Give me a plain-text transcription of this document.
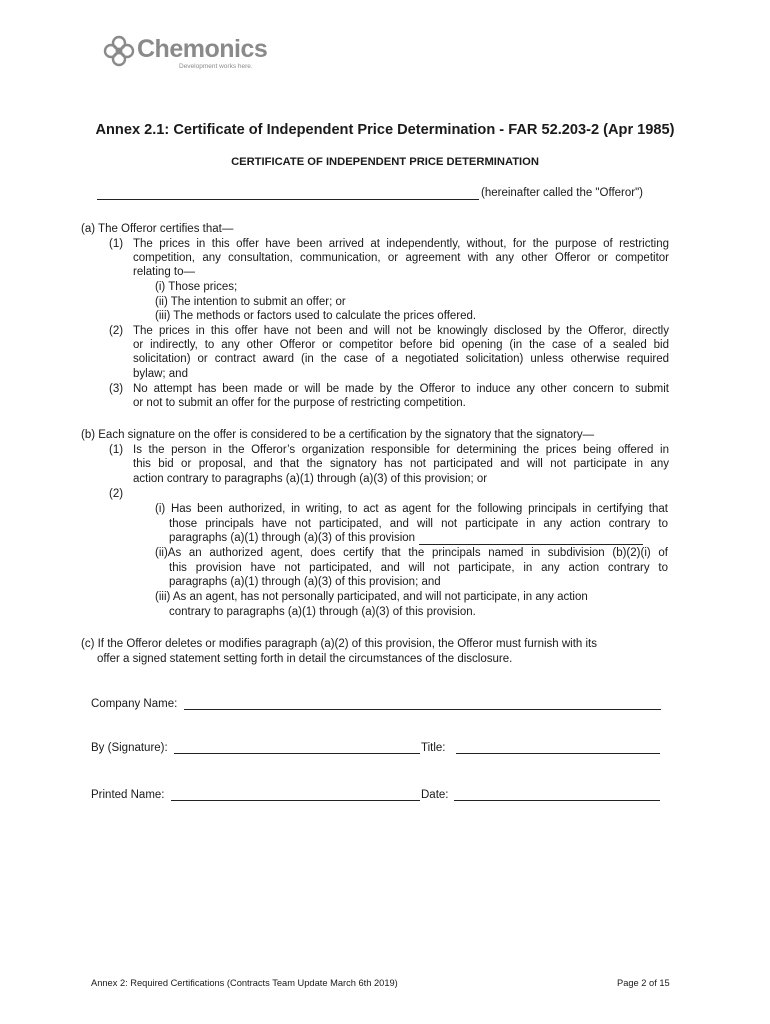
Chemonics
Development works here.
Annex 2.1: Certificate of Independent Price Determination - FAR 52.203-2 (Apr 1985)
CERTIFICATE OF INDEPENDENT PRICE DETERMINATION
(hereinafter called the "Offeror")
(a) The Offeror certifies that—
(1) The prices in this offer have been arrived at independently, without, for the purpose of restricting
competition, any consultation, communication, or agreement with any other Offeror or competitor
relating to—
(i) Those prices;
(ii) The intention to submit an offer; or
(iii) The methods or factors used to calculate the prices offered.
(2) The prices in this offer have not been and will not be knowingly disclosed by the Offeror, directly
or indirectly, to any other Offeror or competitor before bid opening (in the case of a sealed bid
solicitation) or contract award (in the case of a negotiated solicitation) unless otherwise required
bylaw; and
(3) No attempt has been made or will be made by the Offeror to induce any other concern to submit
or not to submit an offer for the purpose of restricting competition.
(b) Each signature on the offer is considered to be a certification by the signatory that the signatory—
(1) Is the person in the Offeror’s organization responsible for determining the prices being offered in
this bid or proposal, and that the signatory has not participated and will not participate in any
action contrary to paragraphs (a)(1) through (a)(3) of this provision; or
(2)
(i) Has been authorized, in writing, to act as agent for the following principals in certifying that
those principals have not participated, and will not participate in any action contrary to
paragraphs (a)(1) through (a)(3) of this provision
(ii)As an authorized agent, does certify that the principals named in subdivision (b)(2)(i) of
this provision have not participated, and will not participate, in any action contrary to
paragraphs (a)(1) through (a)(3) of this provision; and
(iii) As an agent, has not personally participated, and will not participate, in any action
contrary to paragraphs (a)(1) through (a)(3) of this provision.
(c) If the Offeror deletes or modifies paragraph (a)(2) of this provision, the Offeror must furnish with its
offer a signed statement setting forth in detail the circumstances of the disclosure.
Company Name:
By (Signature):	Title:
Printed Name:	Date:
Annex 2: Required Certifications (Contracts Team Update March 6th 2019)	Page 2 of 15
